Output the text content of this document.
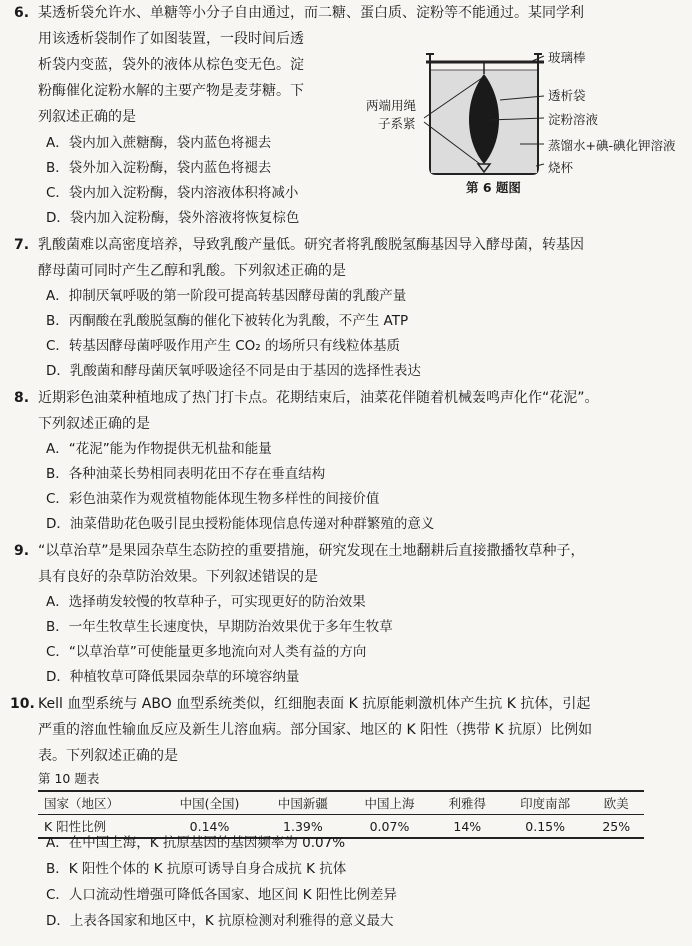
6. 某透析袋允许水、单糖等小分子自由通过，而二糖、蛋白质、淀粉等不能通过。某同学利
用该透析袋制作了如图装置，一段时间后透
析袋内变蓝，袋外的液体从棕色变无色。淀
粉酶催化淀粉水解的主要产物是麦芽糖。下
列叙述正确的是
A．袋内加入蔗糖酶，袋内蓝色将褪去
B．袋外加入淀粉酶，袋内蓝色将褪去
C．袋内加入淀粉酶，袋内溶液体积将减小
D．袋内加入淀粉酶，袋外溶液将恢复棕色
两端用绳
子系紧
玻璃棒
透析袋
淀粉溶液
蒸馏水+碘-碘化钾溶液
烧杯
第 6 题图
7. 乳酸菌难以高密度培养，导致乳酸产量低。研究者将乳酸脱氢酶基因导入酵母菌，转基因
酵母菌可同时产生乙醇和乳酸。下列叙述正确的是
A．抑制厌氧呼吸的第一阶段可提高转基因酵母菌的乳酸产量
B．丙酮酸在乳酸脱氢酶的催化下被转化为乳酸，不产生 ATP
C．转基因酵母菌呼吸作用产生 CO₂ 的场所只有线粒体基质
D．乳酸菌和酵母菌厌氧呼吸途径不同是由于基因的选择性表达
8. 近期彩色油菜种植地成了热门打卡点。花期结束后，油菜花伴随着机械轰鸣声化作“花泥”。
下列叙述正确的是
A．“花泥”能为作物提供无机盐和能量
B．各种油菜长势相同表明花田不存在垂直结构
C．彩色油菜作为观赏植物能体现生物多样性的间接价值
D．油菜借助花色吸引昆虫授粉能体现信息传递对种群繁殖的意义
9. “以草治草”是果园杂草生态防控的重要措施，研究发现在土地翻耕后直接撒播牧草种子，
具有良好的杂草防治效果。下列叙述错误的是
A．选择萌发较慢的牧草种子，可实现更好的防治效果
B．一年生牧草生长速度快，早期防治效果优于多年生牧草
C．“以草治草”可使能量更多地流向对人类有益的方向
D．种植牧草可降低果园杂草的环境容纳量
10. Kell 血型系统与 ABO 血型系统类似，红细胞表面 K 抗原能刺激机体产生抗 K 抗体，引起
严重的溶血性输血反应及新生儿溶血病。部分国家、地区的 K 阳性（携带 K 抗原）比例如
表。下列叙述正确的是
第 10 题表
国家（地区）	中国(全国)	中国新疆	中国上海	利雅得	印度南部	欧美
K 阳性比例	0.14%	1.39%	0.07%	14%	0.15%	25%
A．在中国上海，K 抗原基因的基因频率为 0.07%
B．K 阳性个体的 K 抗原可诱导自身合成抗 K 抗体
C．人口流动性增强可降低各国家、地区间 K 阳性比例差异
D．上表各国家和地区中，K 抗原检测对利雅得的意义最大
